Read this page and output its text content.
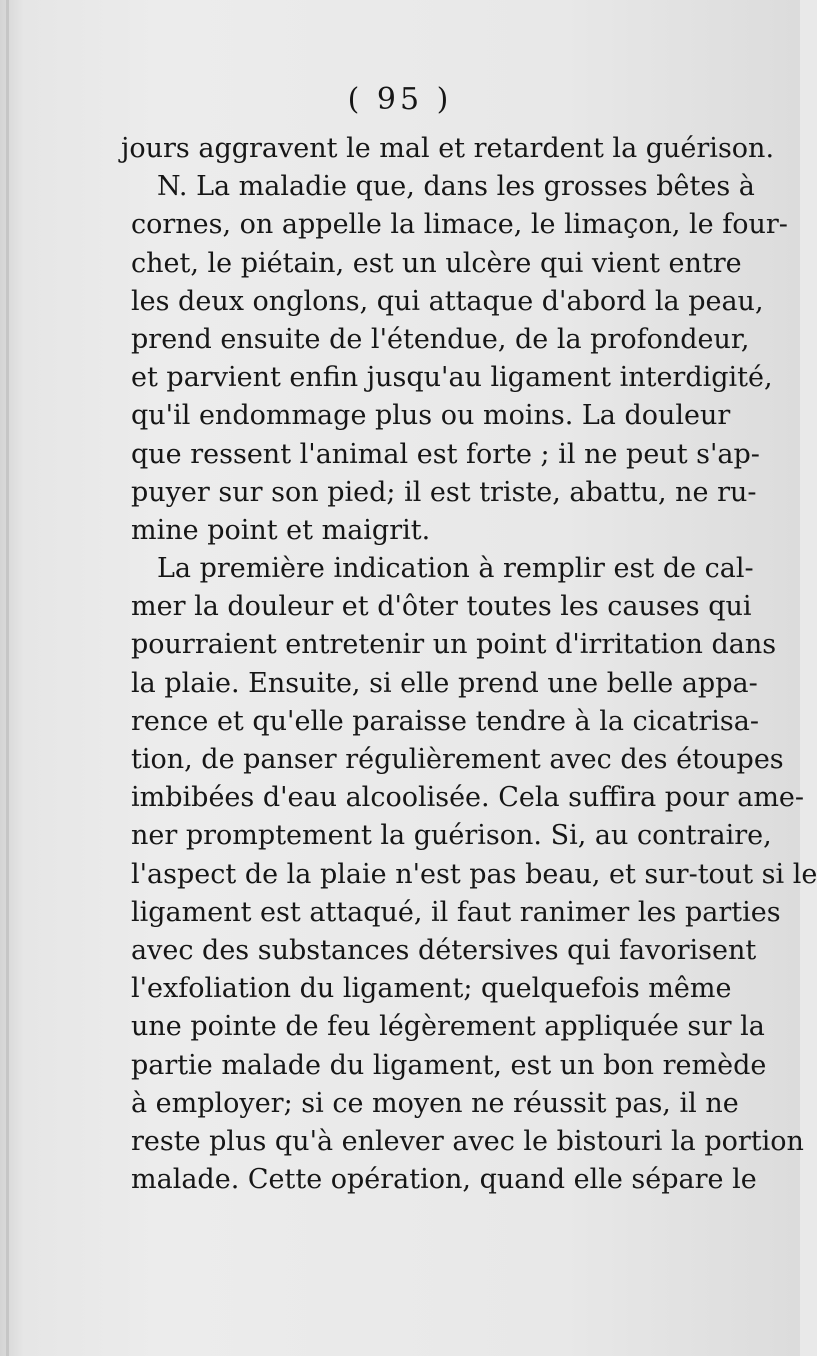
( 95 )
jours aggravent le mal et retardent la guérison.
N. La maladie que, dans les grosses bêtes à
cornes, on appelle la limace, le limaçon, le four-
chet, le piétain, est un ulcère qui vient entre
les deux onglons, qui attaque d'abord la peau,
prend ensuite de l'étendue, de la profondeur,
et parvient enfin jusqu'au ligament interdigité,
qu'il endommage plus ou moins. La douleur
que ressent l'animal est forte ; il ne peut s'ap-
puyer sur son pied; il est triste, abattu, ne ru-
mine point et maigrit.
La première indication à remplir est de cal-
mer la douleur et d'ôter toutes les causes qui
pourraient entretenir un point d'irritation dans
la plaie. Ensuite, si elle prend une belle appa-
rence et qu'elle paraisse tendre à la cicatrisa-
tion, de panser régulièrement avec des étoupes
imbibées d'eau alcoolisée. Cela suffira pour ame-
ner promptement la guérison. Si, au contraire,
l'aspect de la plaie n'est pas beau, et sur-tout si le
ligament est attaqué, il faut ranimer les parties
avec des substances détersives qui favorisent
l'exfoliation du ligament; quelquefois même
une pointe de feu légèrement appliquée sur la
partie malade du ligament, est un bon remède
à employer; si ce moyen ne réussit pas, il ne
reste plus qu'à enlever avec le bistouri la portion
malade. Cette opération, quand elle sépare le
